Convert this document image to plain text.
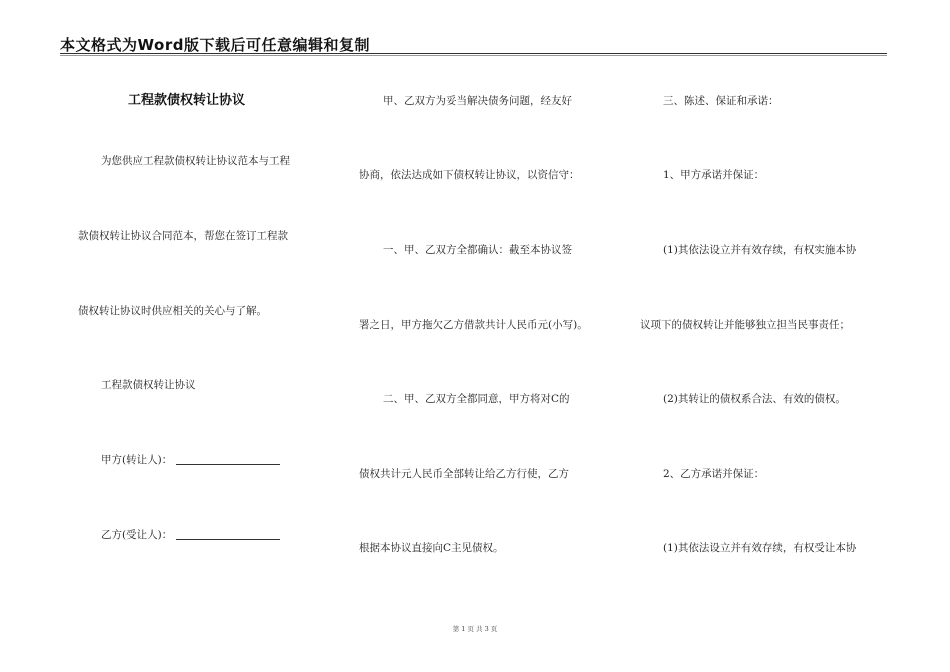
本文格式为Word版下载后可任意编辑和复制
工程款债权转让协议
为您供应工程款债权转让协议范本与工程
款债权转让协议合同范本，帮您在签订工程款
债权转让协议时供应相关的关心与了解。
工程款债权转让协议
甲方(转让人)：
乙方(受让人)：
甲、乙双方为妥当解决债务问题，经友好
协商，依法达成如下债权转让协议，以资信守：
一、甲、乙双方全都确认：截至本协议签
署之日，甲方拖欠乙方借款共计人民币元(小写)。
二、甲、乙双方全都同意，甲方将对C的
债权共计元人民币全部转让给乙方行使，乙方
根据本协议直接向C主见债权。
三、陈述、保证和承诺：
1、甲方承诺并保证：
(1)其依法设立并有效存续，有权实施本协
议项下的债权转让并能够独立担当民事责任；
(2)其转让的债权系合法、有效的债权。
2、乙方承诺并保证：
(1)其依法设立并有效存续，有权受让本协
第 1 页 共 3 页
